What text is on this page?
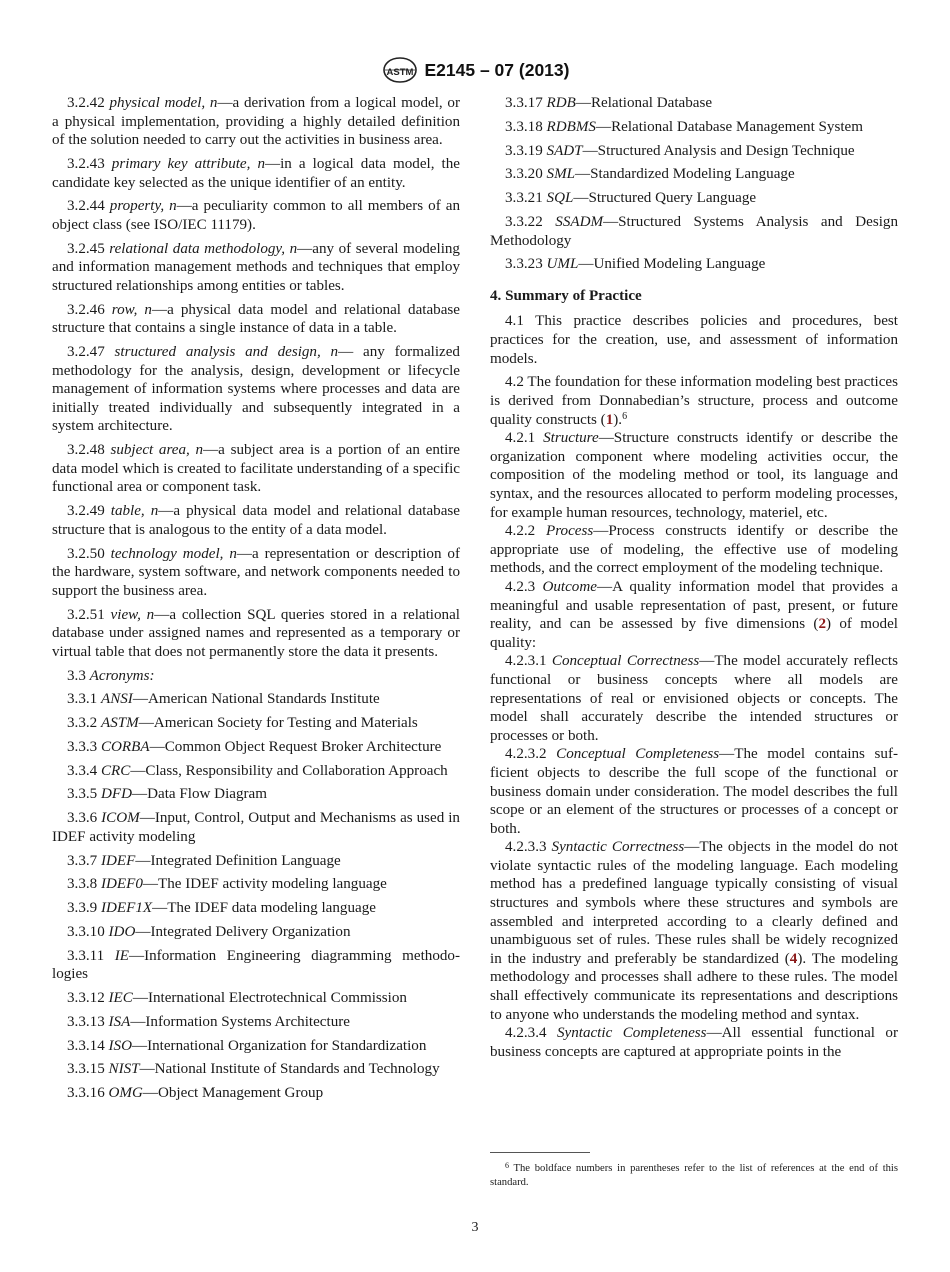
ASTM E2145 – 07 (2013)

3.2.42 physical model, n—a derivation from a logical model, or a physical implementation, providing a highly detailed definition of the solution needed to carry out the activities in business area.

3.2.43 primary key attribute, n—in a logical data model, the candidate key selected as the unique identifier of an entity.

3.2.44 property, n—a peculiarity common to all members of an object class (see ISO/IEC 11179).

3.2.45 relational data methodology, n—any of several modeling and information management methods and techniques that employ structured relationships among entities or tables.

3.2.46 row, n—a physical data model and relational database structure that contains a single instance of data in a table.

3.2.47 structured analysis and design, n— any formalized methodology for the analysis, design, development or lifecycle management of information systems where processes and data are initially treated individually and subsequently integrated in a system architecture.

3.2.48 subject area, n—a subject area is a portion of an entire data model which is created to facilitate understanding of a specific functional area or component task.

3.2.49 table, n—a physical data model and relational database structure that is analogous to the entity of a data model.

3.2.50 technology model, n—a representation or description of the hardware, system software, and network components needed to support the business area.

3.2.51 view, n—a collection SQL queries stored in a relational database under assigned names and represented as a temporary or virtual table that does not permanently store the data it presents.

3.3 Acronyms:

3.3.1 ANSI—American National Standards Institute

3.3.2 ASTM—American Society for Testing and Materials

3.3.3 CORBA—Common Object Request Broker Architecture

3.3.4 CRC—Class, Responsibility and Collaboration Approach

3.3.5 DFD—Data Flow Diagram

3.3.6 ICOM—Input, Control, Output and Mechanisms as used in IDEF activity modeling

3.3.7 IDEF—Integrated Definition Language

3.3.8 IDEF0—The IDEF activity modeling language

3.3.9 IDEF1X—The IDEF data modeling language

3.3.10 IDO—Integrated Delivery Organization

3.3.11 IE—Information Engineering diagramming methodologies

3.3.12 IEC—International Electrotechnical Commission

3.3.13 ISA—Information Systems Architecture

3.3.14 ISO—International Organization for Standardization

3.3.15 NIST—National Institute of Standards and Technology

3.3.16 OMG—Object Management Group

3.3.17 RDB—Relational Database

3.3.18 RDBMS—Relational Database Management System

3.3.19 SADT—Structured Analysis and Design Technique

3.3.20 SML—Standardized Modeling Language

3.3.21 SQL—Structured Query Language

3.3.22 SSADM—Structured Systems Analysis and Design Methodology

3.3.23 UML—Unified Modeling Language

4. Summary of Practice

4.1 This practice describes policies and procedures, best practices for the creation, use, and assessment of information models.

4.2 The foundation for these information modeling best practices is derived from Donnabedian’s structure, process and outcome quality constructs (1).$^6$

4.2.1 Structure—Structure constructs identify or describe the organization component where modeling activities occur, the composition of the modeling method or tool, its language and syntax, and the resources allocated to perform modeling processes, for example human resources, technology, materiel, etc.

4.2.2 Process—Process constructs identify or describe the appropriate use of modeling, the effective use of modeling methods, and the correct employment of the modeling technique.

4.2.3 Outcome—A quality information model that provides a meaningful and usable representation of past, present, or future reality, and can be assessed by five dimensions (2) of model quality:

4.2.3.1 Conceptual Correctness—The model accurately reflects functional or business concepts where all models are representations of real or envisioned objects or concepts. The model shall accurately describe the intended structures or processes or both.

4.2.3.2 Conceptual Completeness—The model contains sufficient objects to describe the full scope of the functional or business domain under consideration. The model describes the full scope or an element of the structures or processes of a concept or both.

4.2.3.3 Syntactic Correctness—The objects in the model do not violate syntactic rules of the modeling language. Each modeling method has a predefined language typically consisting of visual structures and symbols where these structures and symbols are assembled and interpreted according to a clearly defined and unambiguous set of rules. These rules shall be widely recognized in the industry and preferably be standardized (4). The modeling methodology and processes shall adhere to these rules. The model shall effectively communicate its representations and descriptions to anyone who understands the modeling method and syntax.

4.2.3.4 Syntactic Completeness—All essential functional or business concepts are captured at appropriate points in the

$^6$ The boldface numbers in parentheses refer to the list of references at the end of this standard.
3
